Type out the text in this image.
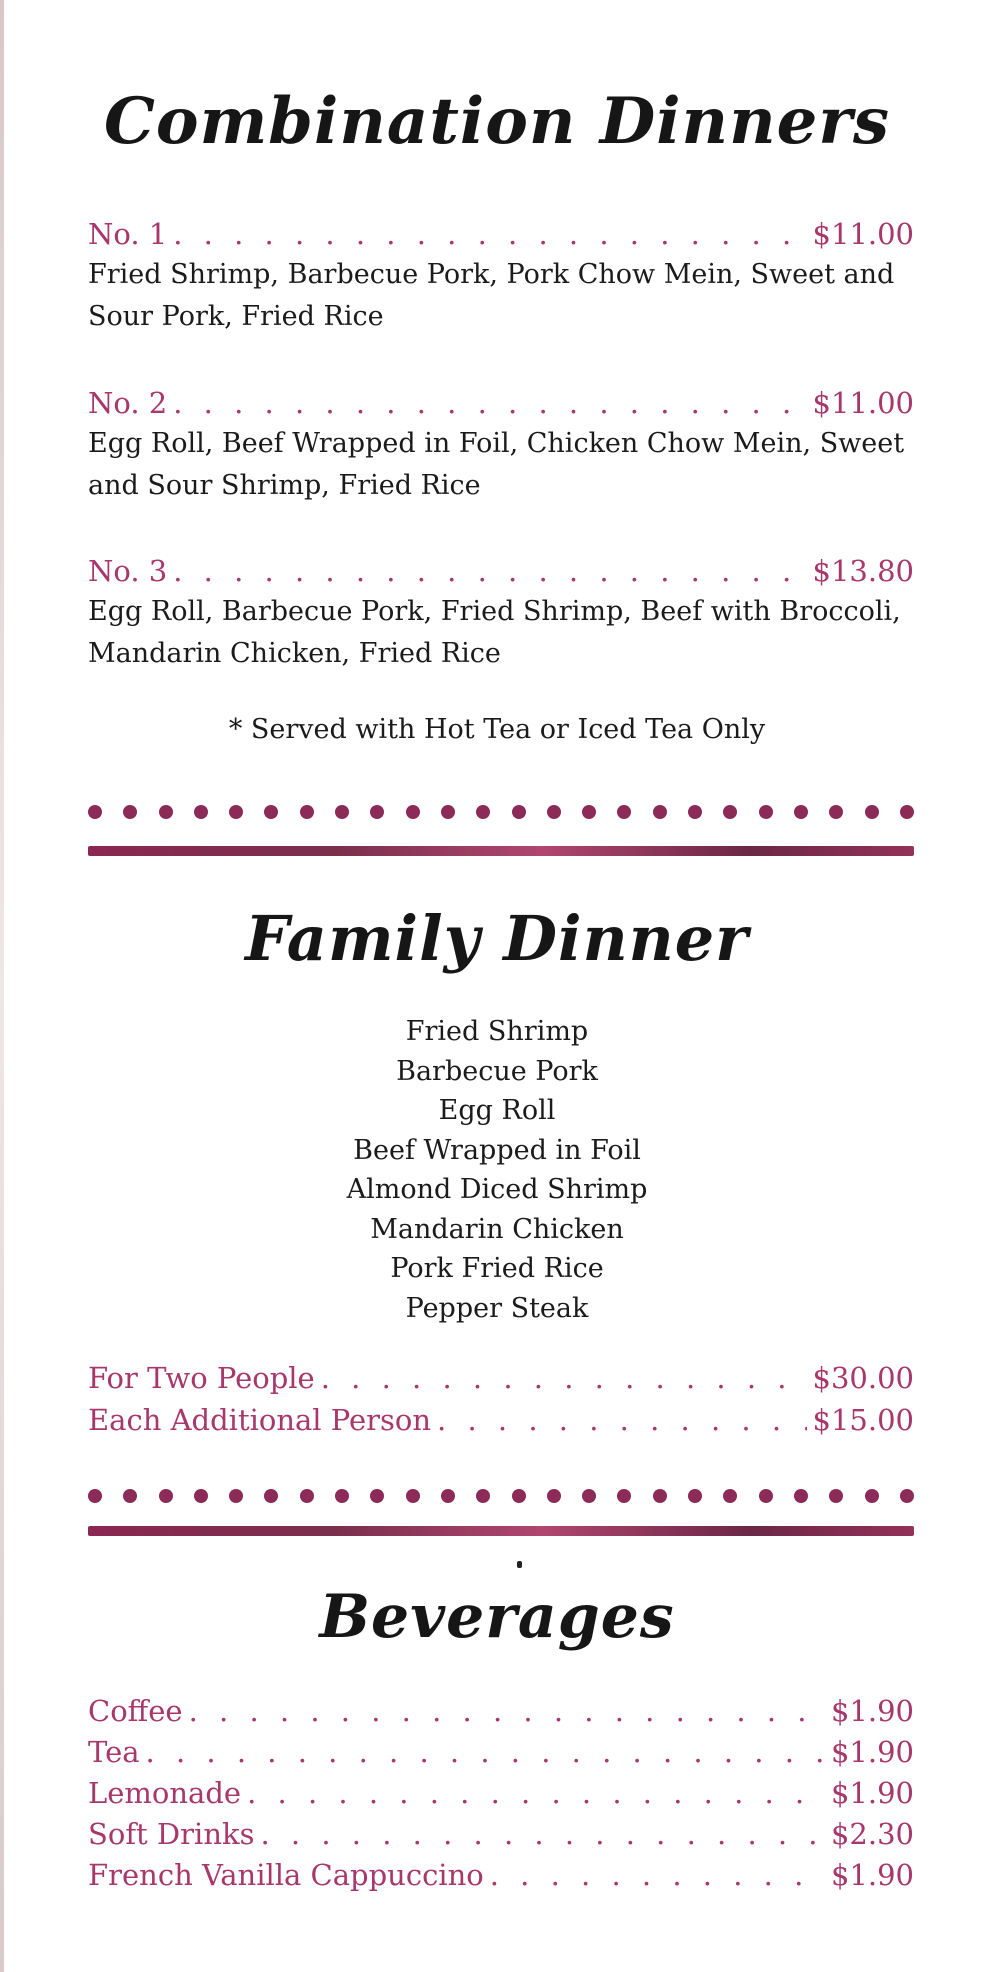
Combination Dinners
No. 1 . . .	$11.00

Fried Shrimp, Barbecue Pork, Pork Chow Mein, Sweet and Sour Pork, Fried Rice

No. 2 . . .	$11.00

Egg Roll, Beef Wrapped in Foil, Chicken Chow Mein, Sweet and Sour Shrimp, Fried Rice

No. 3 . . .	$13.80

Egg Roll, Barbecue Pork, Fried Shrimp, Beef with Broccoli, Mandarin Chicken, Fried Rice

* Served with Hot Tea or Iced Tea Only
Family Dinner
Fried Shrimp
Barbecue Pork
Egg Roll
Beef Wrapped in Foil
Almond Diced Shrimp
Mandarin Chicken
Pork Fried Rice
Pepper Steak
For Two People . . .	$30.00
Each Additional Person . . .	$15.00
Beverages
Coffee . . .	$1.90
Tea . . .	$1.90
Lemonade . . .	$1.90
Soft Drinks . . .	$2.30
French Vanilla Cappuccino . . .	$1.90
